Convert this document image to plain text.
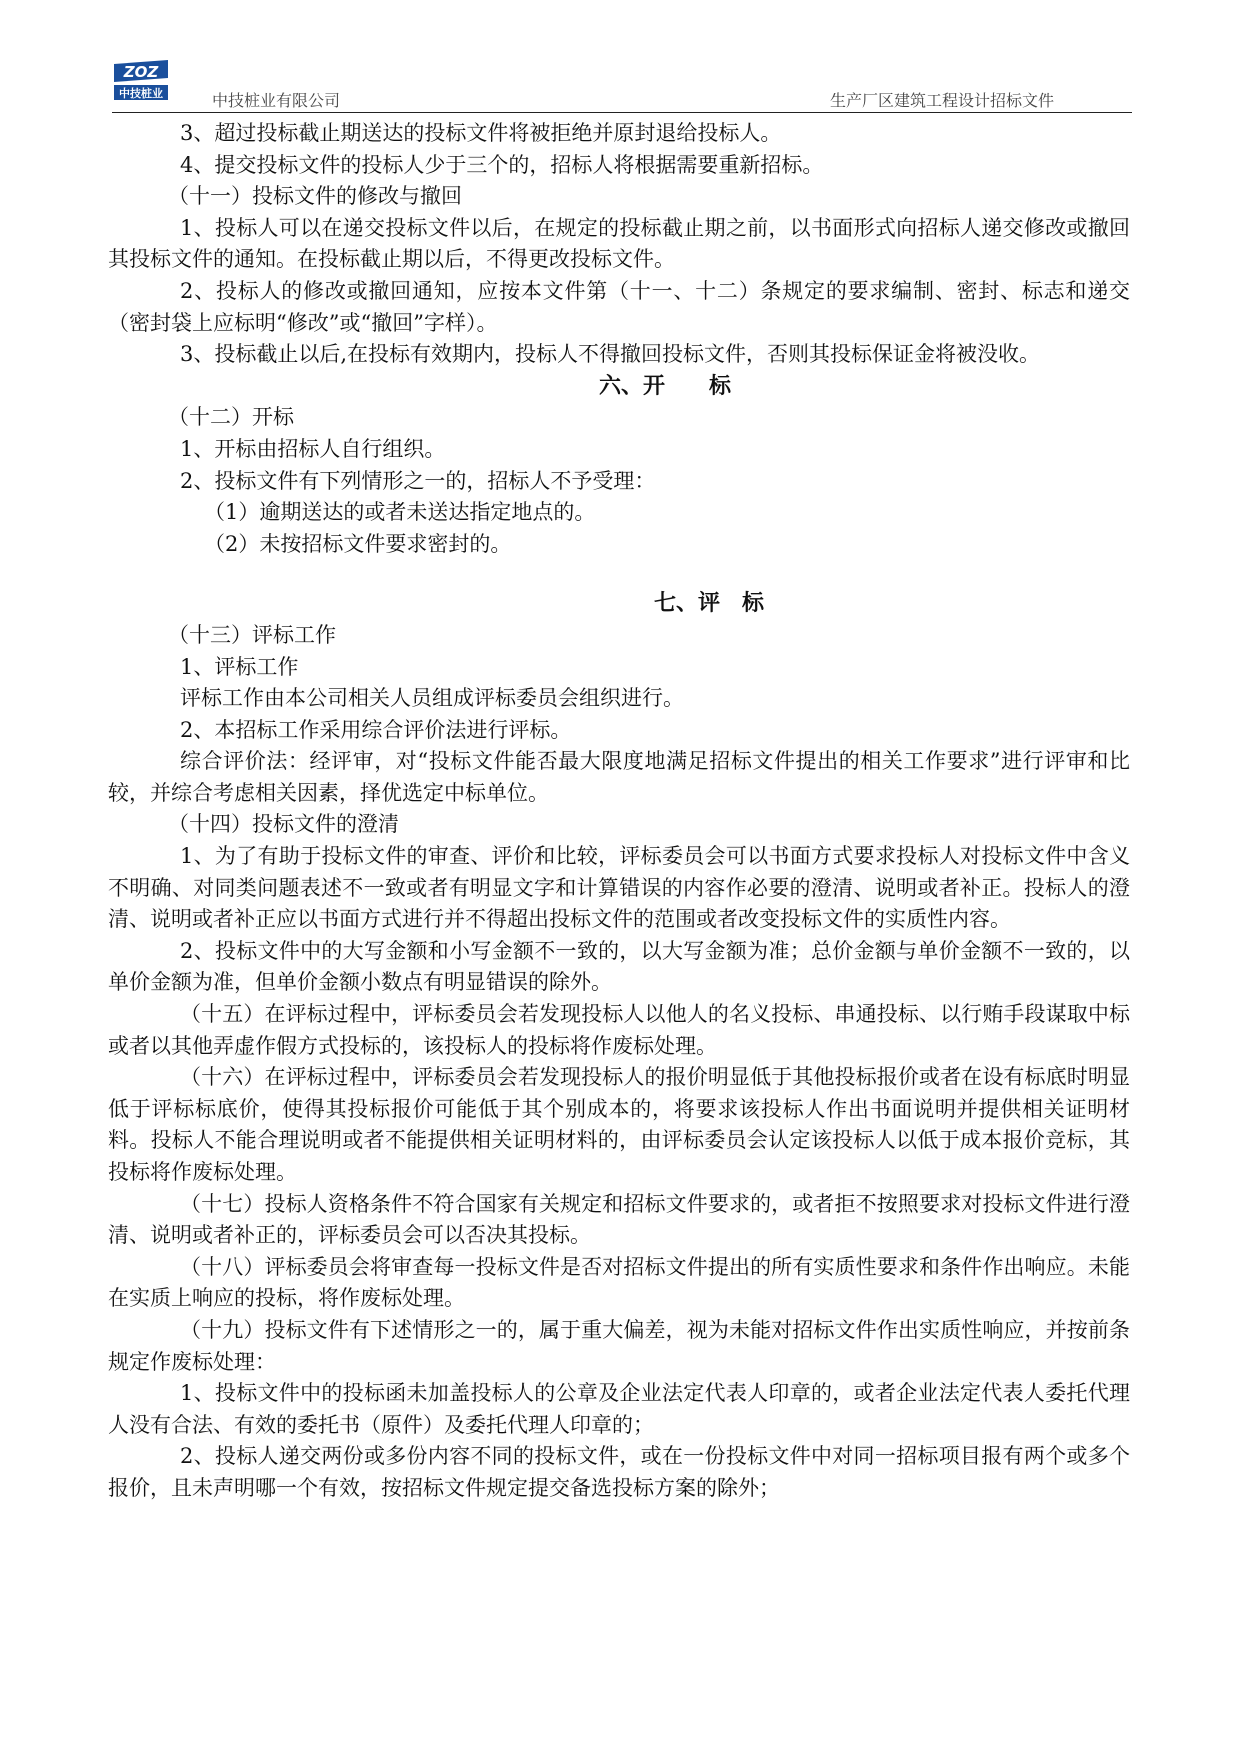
ZOZ
中技桩业	中技桩业有限公司	生产厂区建筑工程设计招标文件

3、超过投标截止期送达的投标文件将被拒绝并原封退给投标人。

4、提交投标文件的投标人少于三个的，招标人将根据需要重新招标。

（十一）投标文件的修改与撤回

1、投标人可以在递交投标文件以后，在规定的投标截止期之前，以书面形式向招标人递交修改或撤回其投标文件的通知。在投标截止期以后，不得更改投标文件。

2、投标人的修改或撤回通知，应按本文件第（十一、十二）条规定的要求编制、密封、标志和递交（密封袋上应标明“修改”或“撤回”字样）。

3、投标截止以后,在投标有效期内，投标人不得撤回投标文件，否则其投标保证金将被没收。

六、开　　标

（十二）开标

1、开标由招标人自行组织。

2、投标文件有下列情形之一的，招标人不予受理：

（1）逾期送达的或者未送达指定地点的。

（2）未按招标文件要求密封的。

七、评　标

（十三）评标工作

1、评标工作

评标工作由本公司相关人员组成评标委员会组织进行。

2、本招标工作采用综合评价法进行评标。

综合评价法：经评审，对“投标文件能否最大限度地满足招标文件提出的相关工作要求”进行评审和比较，并综合考虑相关因素，择优选定中标单位。

（十四）投标文件的澄清

1、为了有助于投标文件的审查、评价和比较，评标委员会可以书面方式要求投标人对投标文件中含义不明确、对同类问题表述不一致或者有明显文字和计算错误的内容作必要的澄清、说明或者补正。投标人的澄清、说明或者补正应以书面方式进行并不得超出投标文件的范围或者改变投标文件的实质性内容。

2、投标文件中的大写金额和小写金额不一致的，以大写金额为准；总价金额与单价金额不一致的，以单价金额为准，但单价金额小数点有明显错误的除外。

（十五）在评标过程中，评标委员会若发现投标人以他人的名义投标、串通投标、以行贿手段谋取中标或者以其他弄虚作假方式投标的，该投标人的投标将作废标处理。

（十六）在评标过程中，评标委员会若发现投标人的报价明显低于其他投标报价或者在设有标底时明显低于评标标底价，使得其投标报价可能低于其个别成本的，将要求该投标人作出书面说明并提供相关证明材料。投标人不能合理说明或者不能提供相关证明材料的，由评标委员会认定该投标人以低于成本报价竞标，其投标将作废标处理。

（十七）投标人资格条件不符合国家有关规定和招标文件要求的，或者拒不按照要求对投标文件进行澄清、说明或者补正的，评标委员会可以否决其投标。

（十八）评标委员会将审查每一投标文件是否对招标文件提出的所有实质性要求和条件作出响应。未能在实质上响应的投标，将作废标处理。

（十九）投标文件有下述情形之一的，属于重大偏差，视为未能对招标文件作出实质性响应，并按前条规定作废标处理：

1、投标文件中的投标函未加盖投标人的公章及企业法定代表人印章的，或者企业法定代表人委托代理人没有合法、有效的委托书（原件）及委托代理人印章的；

2、投标人递交两份或多份内容不同的投标文件，或在一份投标文件中对同一招标项目报有两个或多个报价，且未声明哪一个有效，按招标文件规定提交备选投标方案的除外；
